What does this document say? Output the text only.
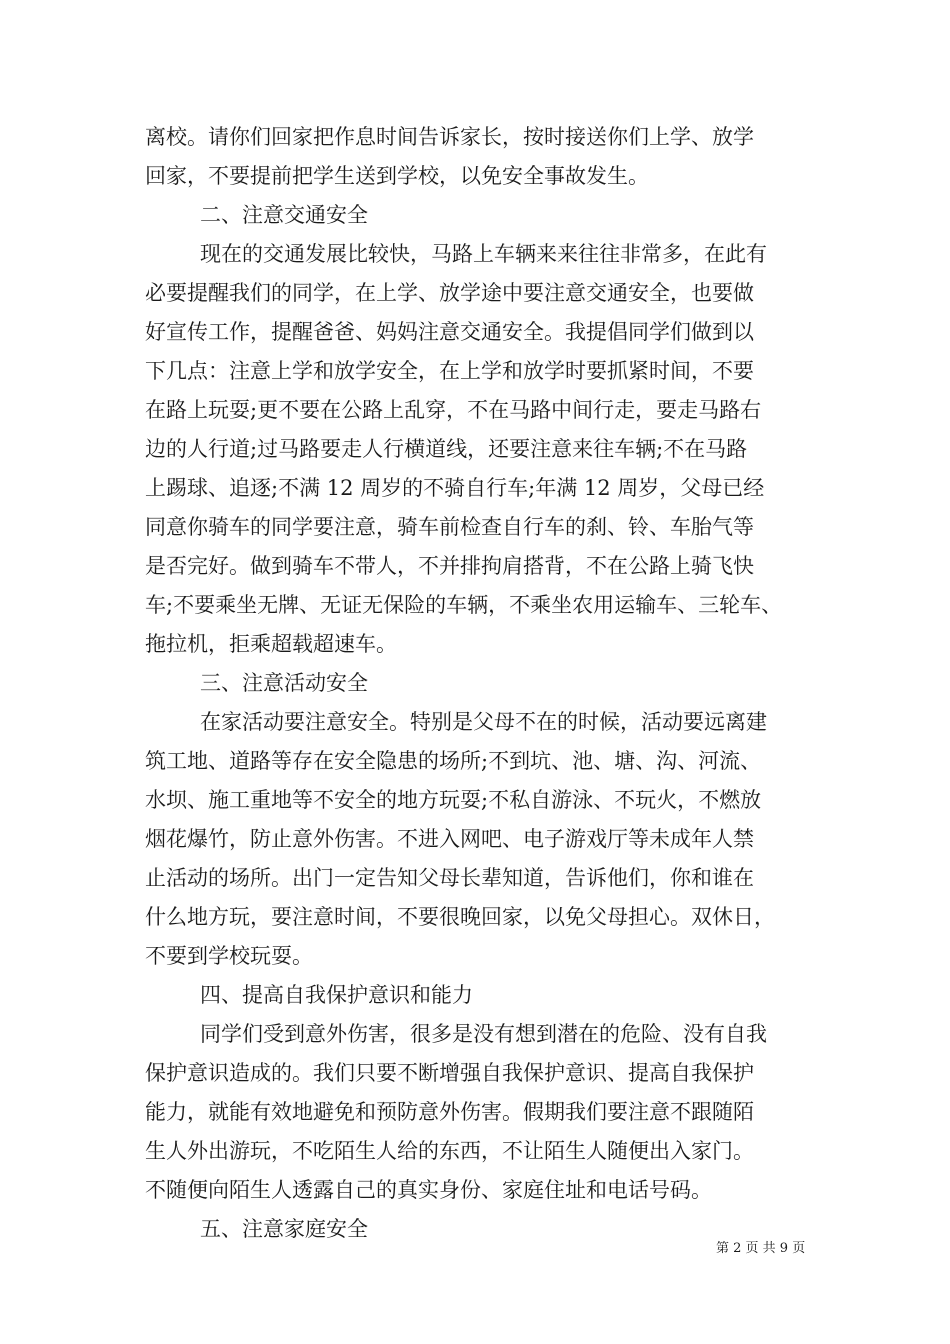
离校。请你们回家把作息时间告诉家长，按时接送你们上学、放学
回家，不要提前把学生送到学校，以免安全事故发生。
二、注意交通安全
现在的交通发展比较快，马路上车辆来来往往非常多，在此有
必要提醒我们的同学，在上学、放学途中要注意交通安全，也要做
好宣传工作，提醒爸爸、妈妈注意交通安全。我提倡同学们做到以
下几点：注意上学和放学安全，在上学和放学时要抓紧时间，不要
在路上玩耍;更不要在公路上乱穿，不在马路中间行走，要走马路右
边的人行道;过马路要走人行横道线，还要注意来往车辆;不在马路
上踢球、追逐;不满 12 周岁的不骑自行车;年满 12 周岁，父母已经
同意你骑车的同学要注意，骑车前检查自行车的刹、铃、车胎气等
是否完好。做到骑车不带人，不并排拘肩搭背，不在公路上骑飞快
车;不要乘坐无牌、无证无保险的车辆，不乘坐农用运输车、三轮车、
拖拉机，拒乘超载超速车。
三、注意活动安全
在家活动要注意安全。特别是父母不在的时候，活动要远离建
筑工地、道路等存在安全隐患的场所;不到坑、池、塘、沟、河流、
水坝、施工重地等不安全的地方玩耍;不私自游泳、不玩火，不燃放
烟花爆竹，防止意外伤害。不进入网吧、电子游戏厅等未成年人禁
止活动的场所。出门一定告知父母长辈知道，告诉他们，你和谁在
什么地方玩，要注意时间，不要很晚回家，以免父母担心。双休日，
不要到学校玩耍。
四、提高自我保护意识和能力
同学们受到意外伤害，很多是没有想到潜在的危险、没有自我
保护意识造成的。我们只要不断增强自我保护意识、提高自我保护
能力，就能有效地避免和预防意外伤害。假期我们要注意不跟随陌
生人外出游玩，不吃陌生人给的东西，不让陌生人随便出入家门。
不随便向陌生人透露自己的真实身份、家庭住址和电话号码。
五、注意家庭安全
第 2 页 共 9 页
